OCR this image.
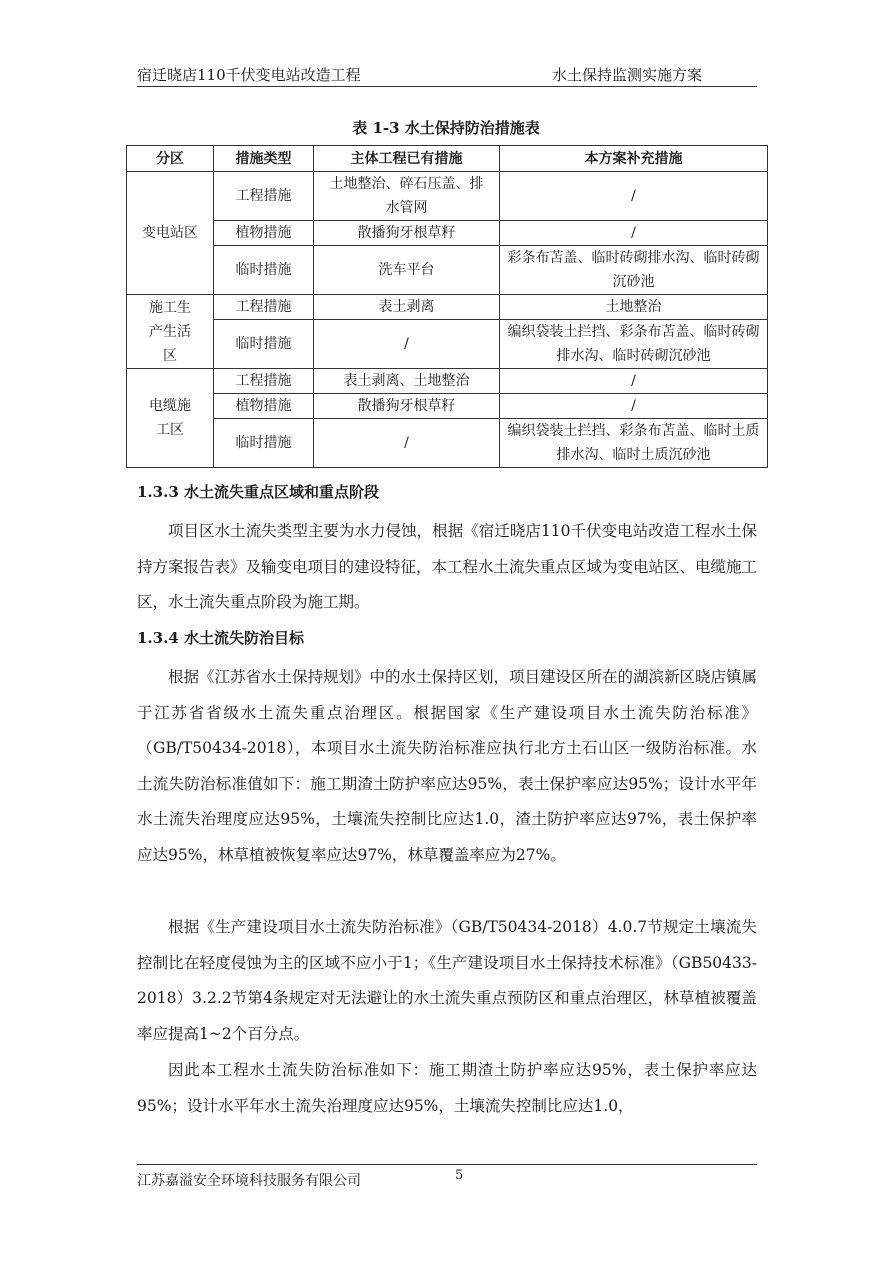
宿迁晓店110千伏变电站改造工程	水土保持监测实施方案
表 1-3 水土保持防治措施表
分区	措施类型	主体工程已有措施	本方案补充措施
变电站区	工程措施	土地整治、碎石压盖、排水管网	/
	植物措施	散播狗牙根草籽	/
	临时措施	洗车平台	彩条布苫盖、临时砖砌排水沟、临时砖砌沉砂池
施工生产生活区	工程措施	表土剥离	土地整治
	临时措施	/	编织袋装土拦挡、彩条布苫盖、临时砖砌排水沟、临时砖砌沉砂池
电缆施工区	工程措施	表土剥离、土地整治	/
	植物措施	散播狗牙根草籽	/
	临时措施	/	编织袋装土拦挡、彩条布苫盖、临时土质排水沟、临时土质沉砂池
1.3.3 水土流失重点区域和重点阶段

项目区水土流失类型主要为水力侵蚀，根据《宿迁晓店110千伏变电站改造工程水土保持方案报告表》及输变电项目的建设特征，本工程水土流失重点区域为变电站区、电缆施工区，水土流失重点阶段为施工期。

1.3.4 水土流失防治目标

根据《江苏省水土保持规划》中的水土保持区划，项目建设区所在的湖滨新区晓店镇属于江苏省省级水土流失重点治理区。根据国家《生产建设项目水土流失防治标准》（GB/T50434-2018），本项目水土流失防治标准应执行北方土石山区一级防治标准。水土流失防治标准值如下：施工期渣土防护率应达95%，表土保护率应达95%；设计水平年水土流失治理度应达95%，土壤流失控制比应达1.0，渣土防护率应达97%，表土保护率应达95%，林草植被恢复率应达97%，林草覆盖率应为27%。

根据《生产建设项目水土流失防治标准》（GB/T50434-2018）4.0.7节规定土壤流失控制比在轻度侵蚀为主的区域不应小于1；《生产建设项目水土保持技术标准》（GB50433-2018）3.2.2节第4条规定对无法避让的水土流失重点预防区和重点治理区，林草植被覆盖率应提高1~2个百分点。

因此本工程水土流失防治标准如下：施工期渣土防护率应达95%，表土保护率应达95%；设计水平年水土流失治理度应达95%，土壤流失控制比应达1.0，

江苏嘉溢安全环境科技服务有限公司	5
